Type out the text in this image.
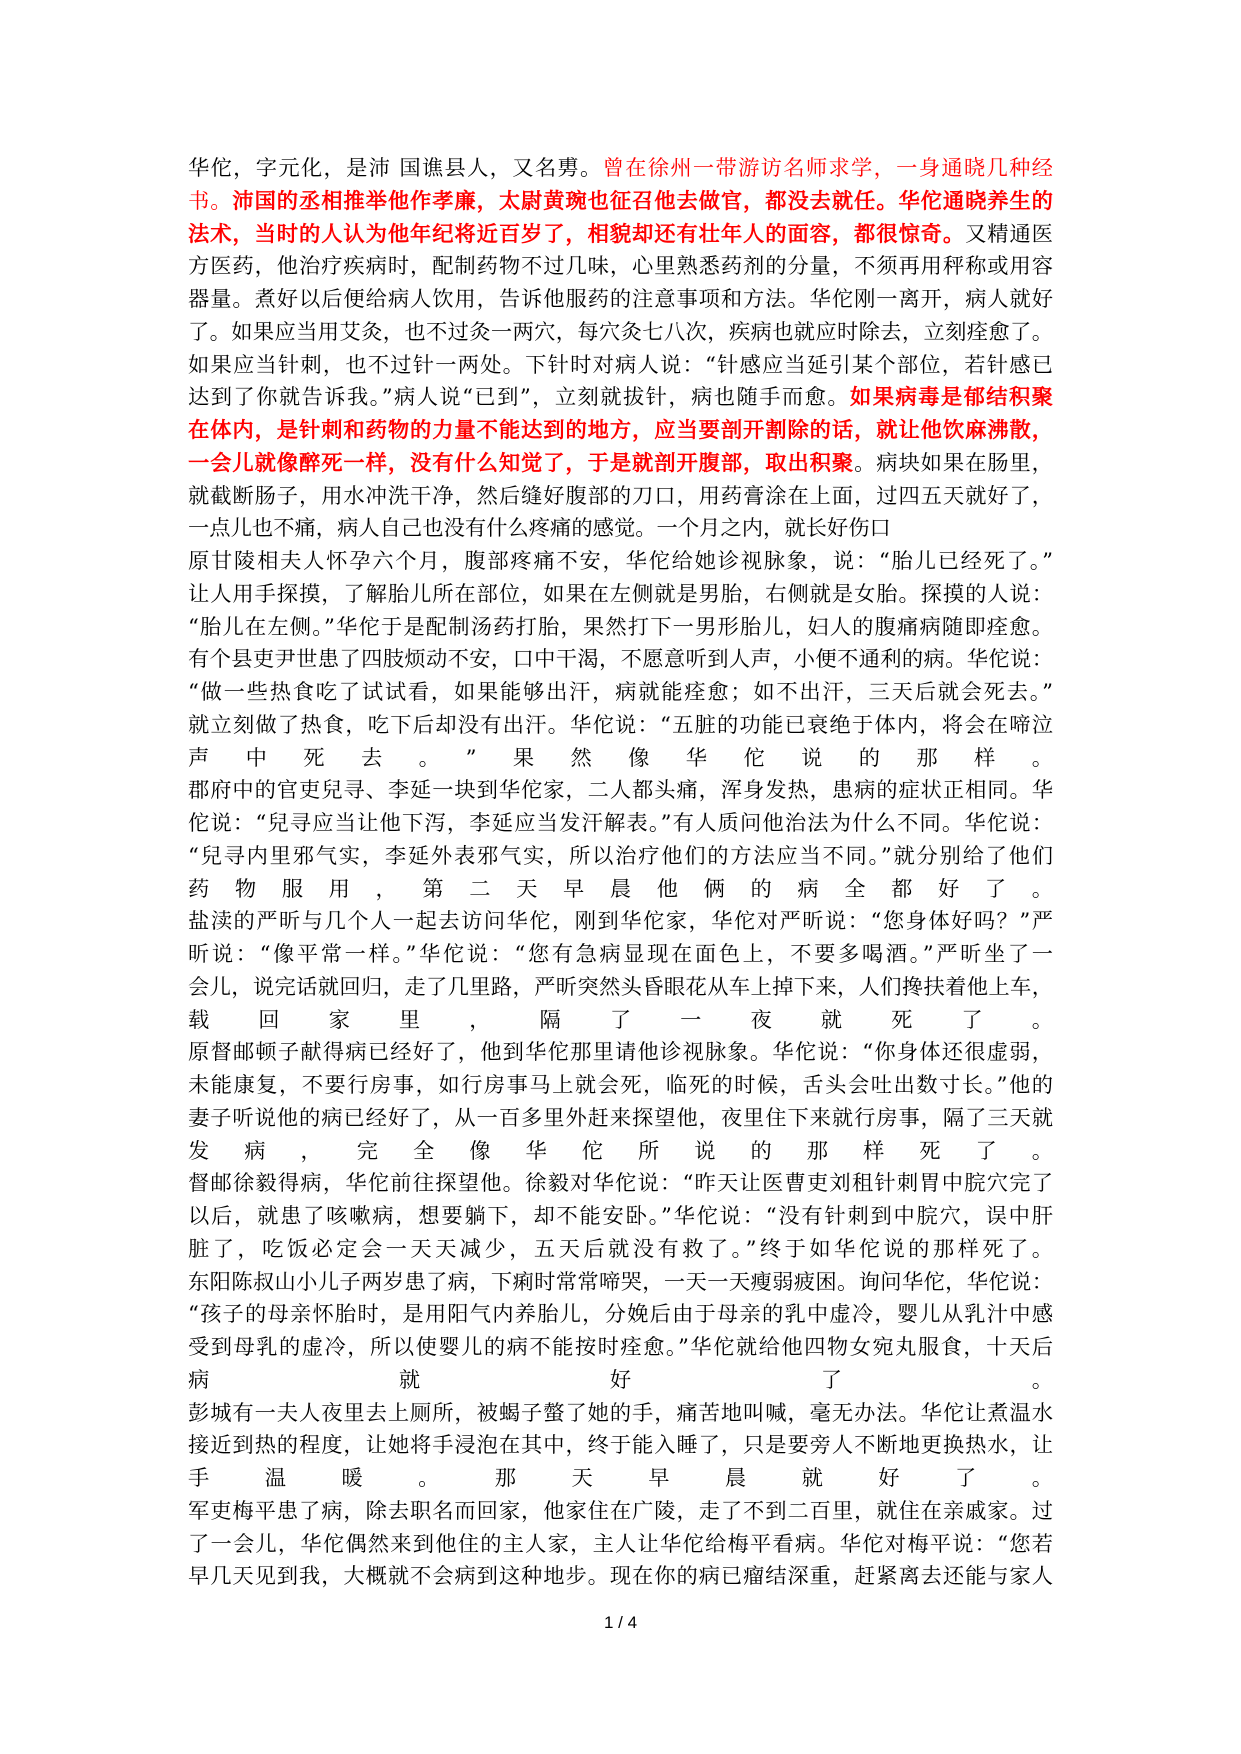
华佗，字元化，是沛 国谯县人，又名旉。曾在徐州一带游访名师求学，一身通晓几种经
书。沛国的丞相推举他作孝廉，太尉黄琬也征召他去做官，都没去就任。华佗通晓养生的
法术，当时的人认为他年纪将近百岁了，相貌却还有壮年人的面容，都很惊奇。又精通医
方医药，他治疗疾病时，配制药物不过几味，心里熟悉药剂的分量，不须再用秤称或用容
器量。煮好以后便给病人饮用，告诉他服药的注意事项和方法。华佗刚一离开，病人就好
了。如果应当用艾灸，也不过灸一两穴，每穴灸七八次，疾病也就应时除去，立刻痊愈了。
如果应当针刺，也不过针一两处。下针时对病人说：“针感应当延引某个部位，若针感已
达到了你就告诉我。”病人说“已到”，立刻就拔针，病也随手而愈。如果病毒是郁结积聚
在体内，是针刺和药物的力量不能达到的地方，应当要剖开割除的话，就让他饮麻沸散，
一会儿就像醉死一样，没有什么知觉了，于是就剖开腹部，取出积聚。病块如果在肠里，
就截断肠子，用水冲洗干净，然后缝好腹部的刀口，用药膏涂在上面，过四五天就好了，
一点儿也不痛，病人自己也没有什么疼痛的感觉。一个月之内，就长好伤口
原甘陵相夫人怀孕六个月，腹部疼痛不安，华佗给她诊视脉象，说：“胎儿已经死了。”
让人用手探摸，了解胎儿所在部位，如果在左侧就是男胎，右侧就是女胎。探摸的人说：
“胎儿在左侧。”华佗于是配制汤药打胎，果然打下一男形胎儿，妇人的腹痛病随即痊愈。
有个县吏尹世患了四肢烦动不安，口中干渴，不愿意听到人声，小便不通利的病。华佗说：
“做一些热食吃了试试看，如果能够出汗，病就能痊愈；如不出汗，三天后就会死去。”
就立刻做了热食，吃下后却没有出汗。华佗说：“五脏的功能已衰绝于体内，将会在啼泣
声中死去。”果然像华佗说的那样。
郡府中的官吏兒寻、李延一块到华佗家，二人都头痛，浑身发热，患病的症状正相同。华
佗说：“兒寻应当让他下泻，李延应当发汗解表。”有人质问他治法为什么不同。华佗说：
“兒寻内里邪气实，李延外表邪气实，所以治疗他们的方法应当不同。”就分别给了他们
药物服用，第二天早晨他俩的病全都好了。
盐渎的严昕与几个人一起去访问华佗，刚到华佗家，华佗对严昕说：“您身体好吗？”严
昕说：“像平常一样。”华佗说：“您有急病显现在面色上，不要多喝酒。”严昕坐了一
会儿，说完话就回归，走了几里路，严昕突然头昏眼花从车上掉下来，人们搀扶着他上车，
载回家里，隔了一夜就死了。
原督邮顿子献得病已经好了，他到华佗那里请他诊视脉象。华佗说：“你身体还很虚弱，
未能康复，不要行房事，如行房事马上就会死，临死的时候，舌头会吐出数寸长。”他的
妻子听说他的病已经好了，从一百多里外赶来探望他，夜里住下来就行房事，隔了三天就
发病，完全像华佗所说的那样死了。
督邮徐毅得病，华佗前往探望他。徐毅对华佗说：“昨天让医曹吏刘租针刺胃中脘穴完了
以后，就患了咳嗽病，想要躺下，却不能安卧。”华佗说：“没有针刺到中脘穴，误中肝
脏了，吃饭必定会一天天减少，五天后就没有救了。”终于如华佗说的那样死了。
东阳陈叔山小儿子两岁患了病，下痢时常常啼哭，一天一天瘦弱疲困。询问华佗，华佗说：
“孩子的母亲怀胎时，是用阳气内养胎儿，分娩后由于母亲的乳中虚冷，婴儿从乳汁中感
受到母乳的虚冷，所以使婴儿的病不能按时痊愈。”华佗就给他四物女宛丸服食，十天后
病就好了。
彭城有一夫人夜里去上厕所，被蝎子螫了她的手，痛苦地叫喊，毫无办法。华佗让煮温水
接近到热的程度，让她将手浸泡在其中，终于能入睡了，只是要旁人不断地更换热水，让
手温暖。那天早晨就好了。
军吏梅平患了病，除去职名而回家，他家住在广陵，走了不到二百里，就住在亲戚家。过
了一会儿，华佗偶然来到他住的主人家，主人让华佗给梅平看病。华佗对梅平说：“您若
早几天见到我，大概就不会病到这种地步。现在你的病已瘤结深重，赶紧离去还能与家人
1 / 4
